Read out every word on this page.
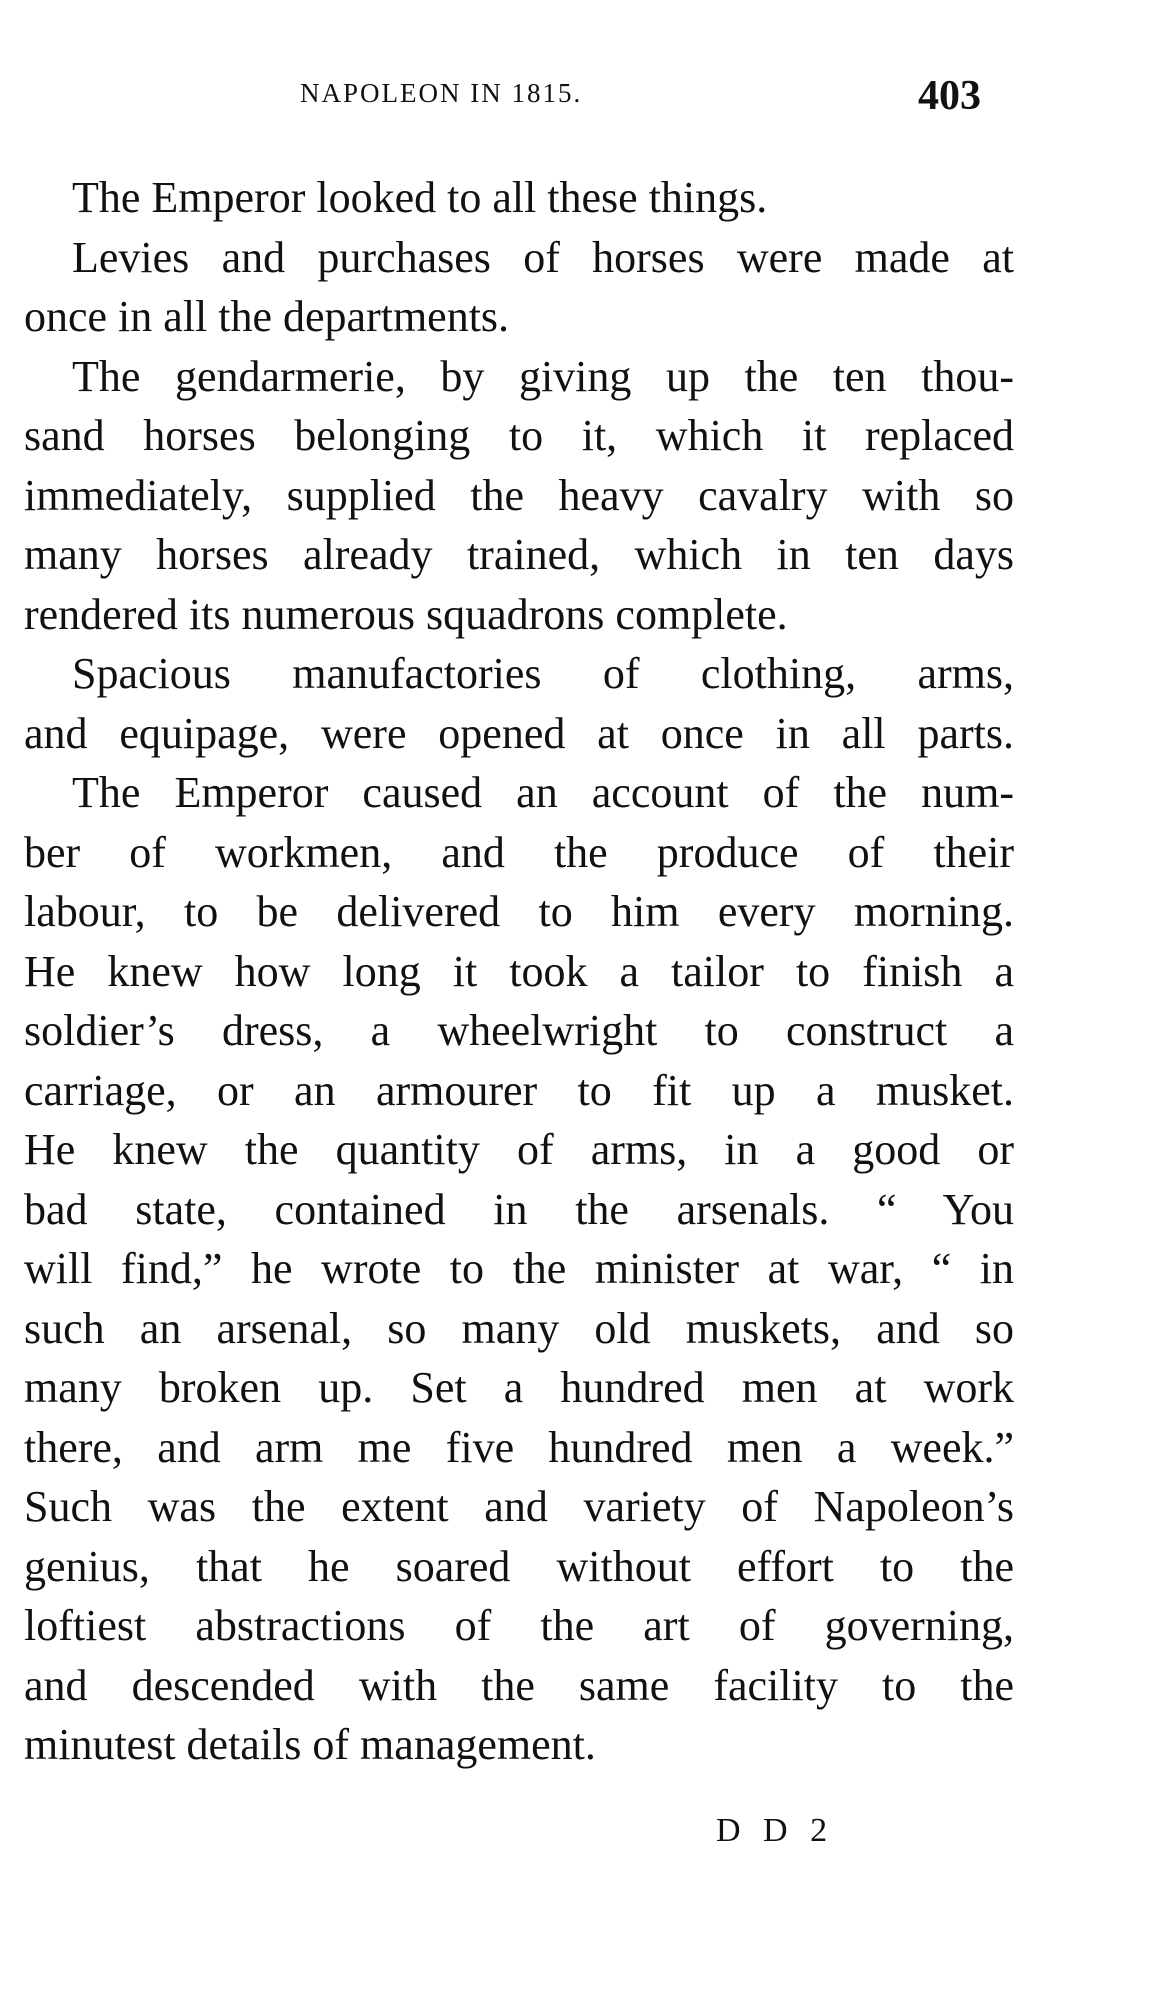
NAPOLEON IN 1815.	403
The Emperor looked to all these things.
Levies and purchases of horses were made at
once in all the departments.
The gendarmerie, by giving up the ten thou-
sand horses belonging to it, which it replaced
immediately, supplied the heavy cavalry with so
many horses already trained, which in ten days
rendered its numerous squadrons complete.
Spacious manufactories of clothing, arms,
and equipage, were opened at once in all parts.
The Emperor caused an account of the num-
ber of workmen, and the produce of their
labour, to be delivered to him every morning.
He knew how long it took a tailor to finish a
soldier’s dress, a wheelwright to construct a
carriage, or an armourer to fit up a musket.
He knew the quantity of arms, in a good or
bad state, contained in the arsenals. “ You
will find,” he wrote to the minister at war, “ in
such an arsenal, so many old muskets, and so
many broken up. Set a hundred men at work
there, and arm me five hundred men a week.”
Such was the extent and variety of Napoleon’s
genius, that he soared without effort to the
loftiest abstractions of the art of governing,
and descended with the same facility to the
minutest details of management.
D D 2
